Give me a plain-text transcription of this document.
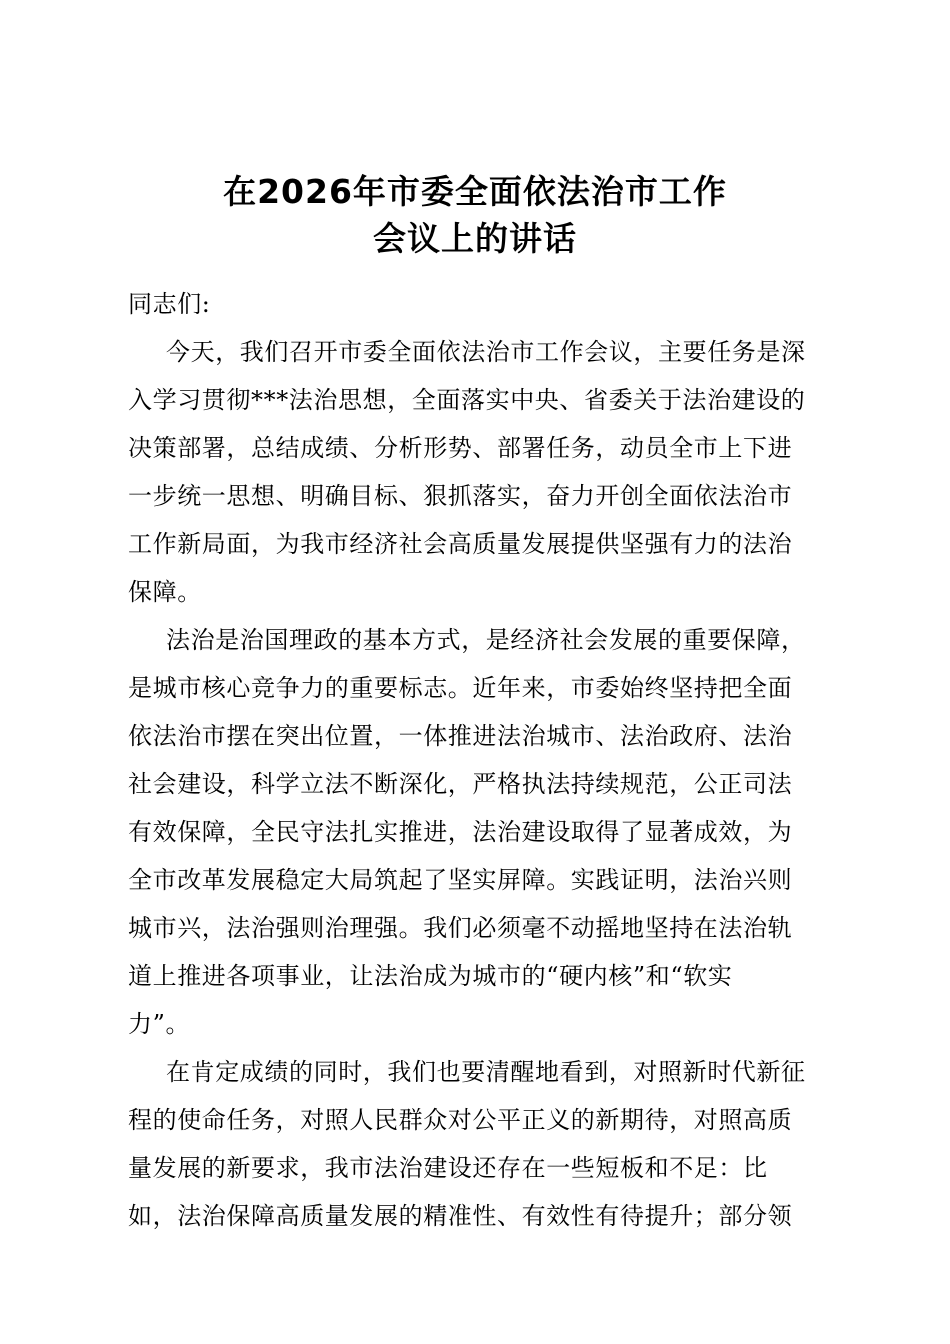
在2026年市委全面依法治市工作
会议上的讲话
同志们:
今天，我们召开市委全面依法治市工作会议，主要任务是深
入学习贯彻***法治思想，全面落实中央、省委关于法治建设的
决策部署，总结成绩、分析形势、部署任务，动员全市上下进
一步统一思想、明确目标、狠抓落实，奋力开创全面依法治市
工作新局面，为我市经济社会高质量发展提供坚强有力的法治
保障。
法治是治国理政的基本方式，是经济社会发展的重要保障，
是城市核心竞争力的重要标志。近年来，市委始终坚持把全面
依法治市摆在突出位置，一体推进法治城市、法治政府、法治
社会建设，科学立法不断深化，严格执法持续规范，公正司法
有效保障，全民守法扎实推进，法治建设取得了显著成效，为
全市改革发展稳定大局筑起了坚实屏障。实践证明，法治兴则
城市兴，法治强则治理强。我们必须毫不动摇地坚持在法治轨
道上推进各项事业，让法治成为城市的“硬内核”和“软实
力”。
在肯定成绩的同时，我们也要清醒地看到，对照新时代新征
程的使命任务，对照人民群众对公平正义的新期待，对照高质
量发展的新要求，我市法治建设还存在一些短板和不足：比
如，法治保障高质量发展的精准性、有效性有待提升；部分领
